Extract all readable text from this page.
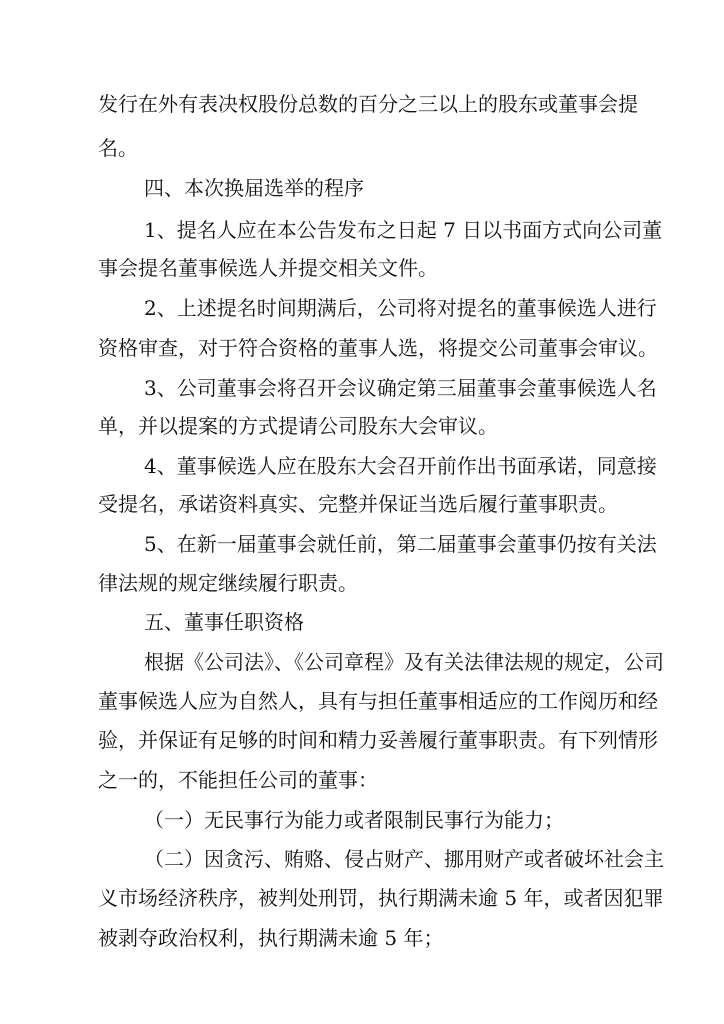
发行在外有表决权股份总数的百分之三以上的股东或董事会提

名。

四、本次换届选举的程序

1、提名人应在本公告发布之日起 7 日以书面方式向公司董

事会提名董事候选人并提交相关文件。

2、上述提名时间期满后，公司将对提名的董事候选人进行

资格审查，对于符合资格的董事人选，将提交公司董事会审议。

3、公司董事会将召开会议确定第三届董事会董事候选人名

单，并以提案的方式提请公司股东大会审议。

4、董事候选人应在股东大会召开前作出书面承诺，同意接

受提名，承诺资料真实、完整并保证当选后履行董事职责。

5、在新一届董事会就任前，第二届董事会董事仍按有关法

律法规的规定继续履行职责。

五、董事任职资格

根据《公司法》、《公司章程》及有关法律法规的规定，公司

董事候选人应为自然人，具有与担任董事相适应的工作阅历和经

验，并保证有足够的时间和精力妥善履行董事职责。有下列情形

之一的，不能担任公司的董事：

（一）无民事行为能力或者限制民事行为能力；

（二）因贪污、贿赂、侵占财产、挪用财产或者破坏社会主

义市场经济秩序，被判处刑罚，执行期满未逾 5 年，或者因犯罪

被剥夺政治权利，执行期满未逾 5 年；
